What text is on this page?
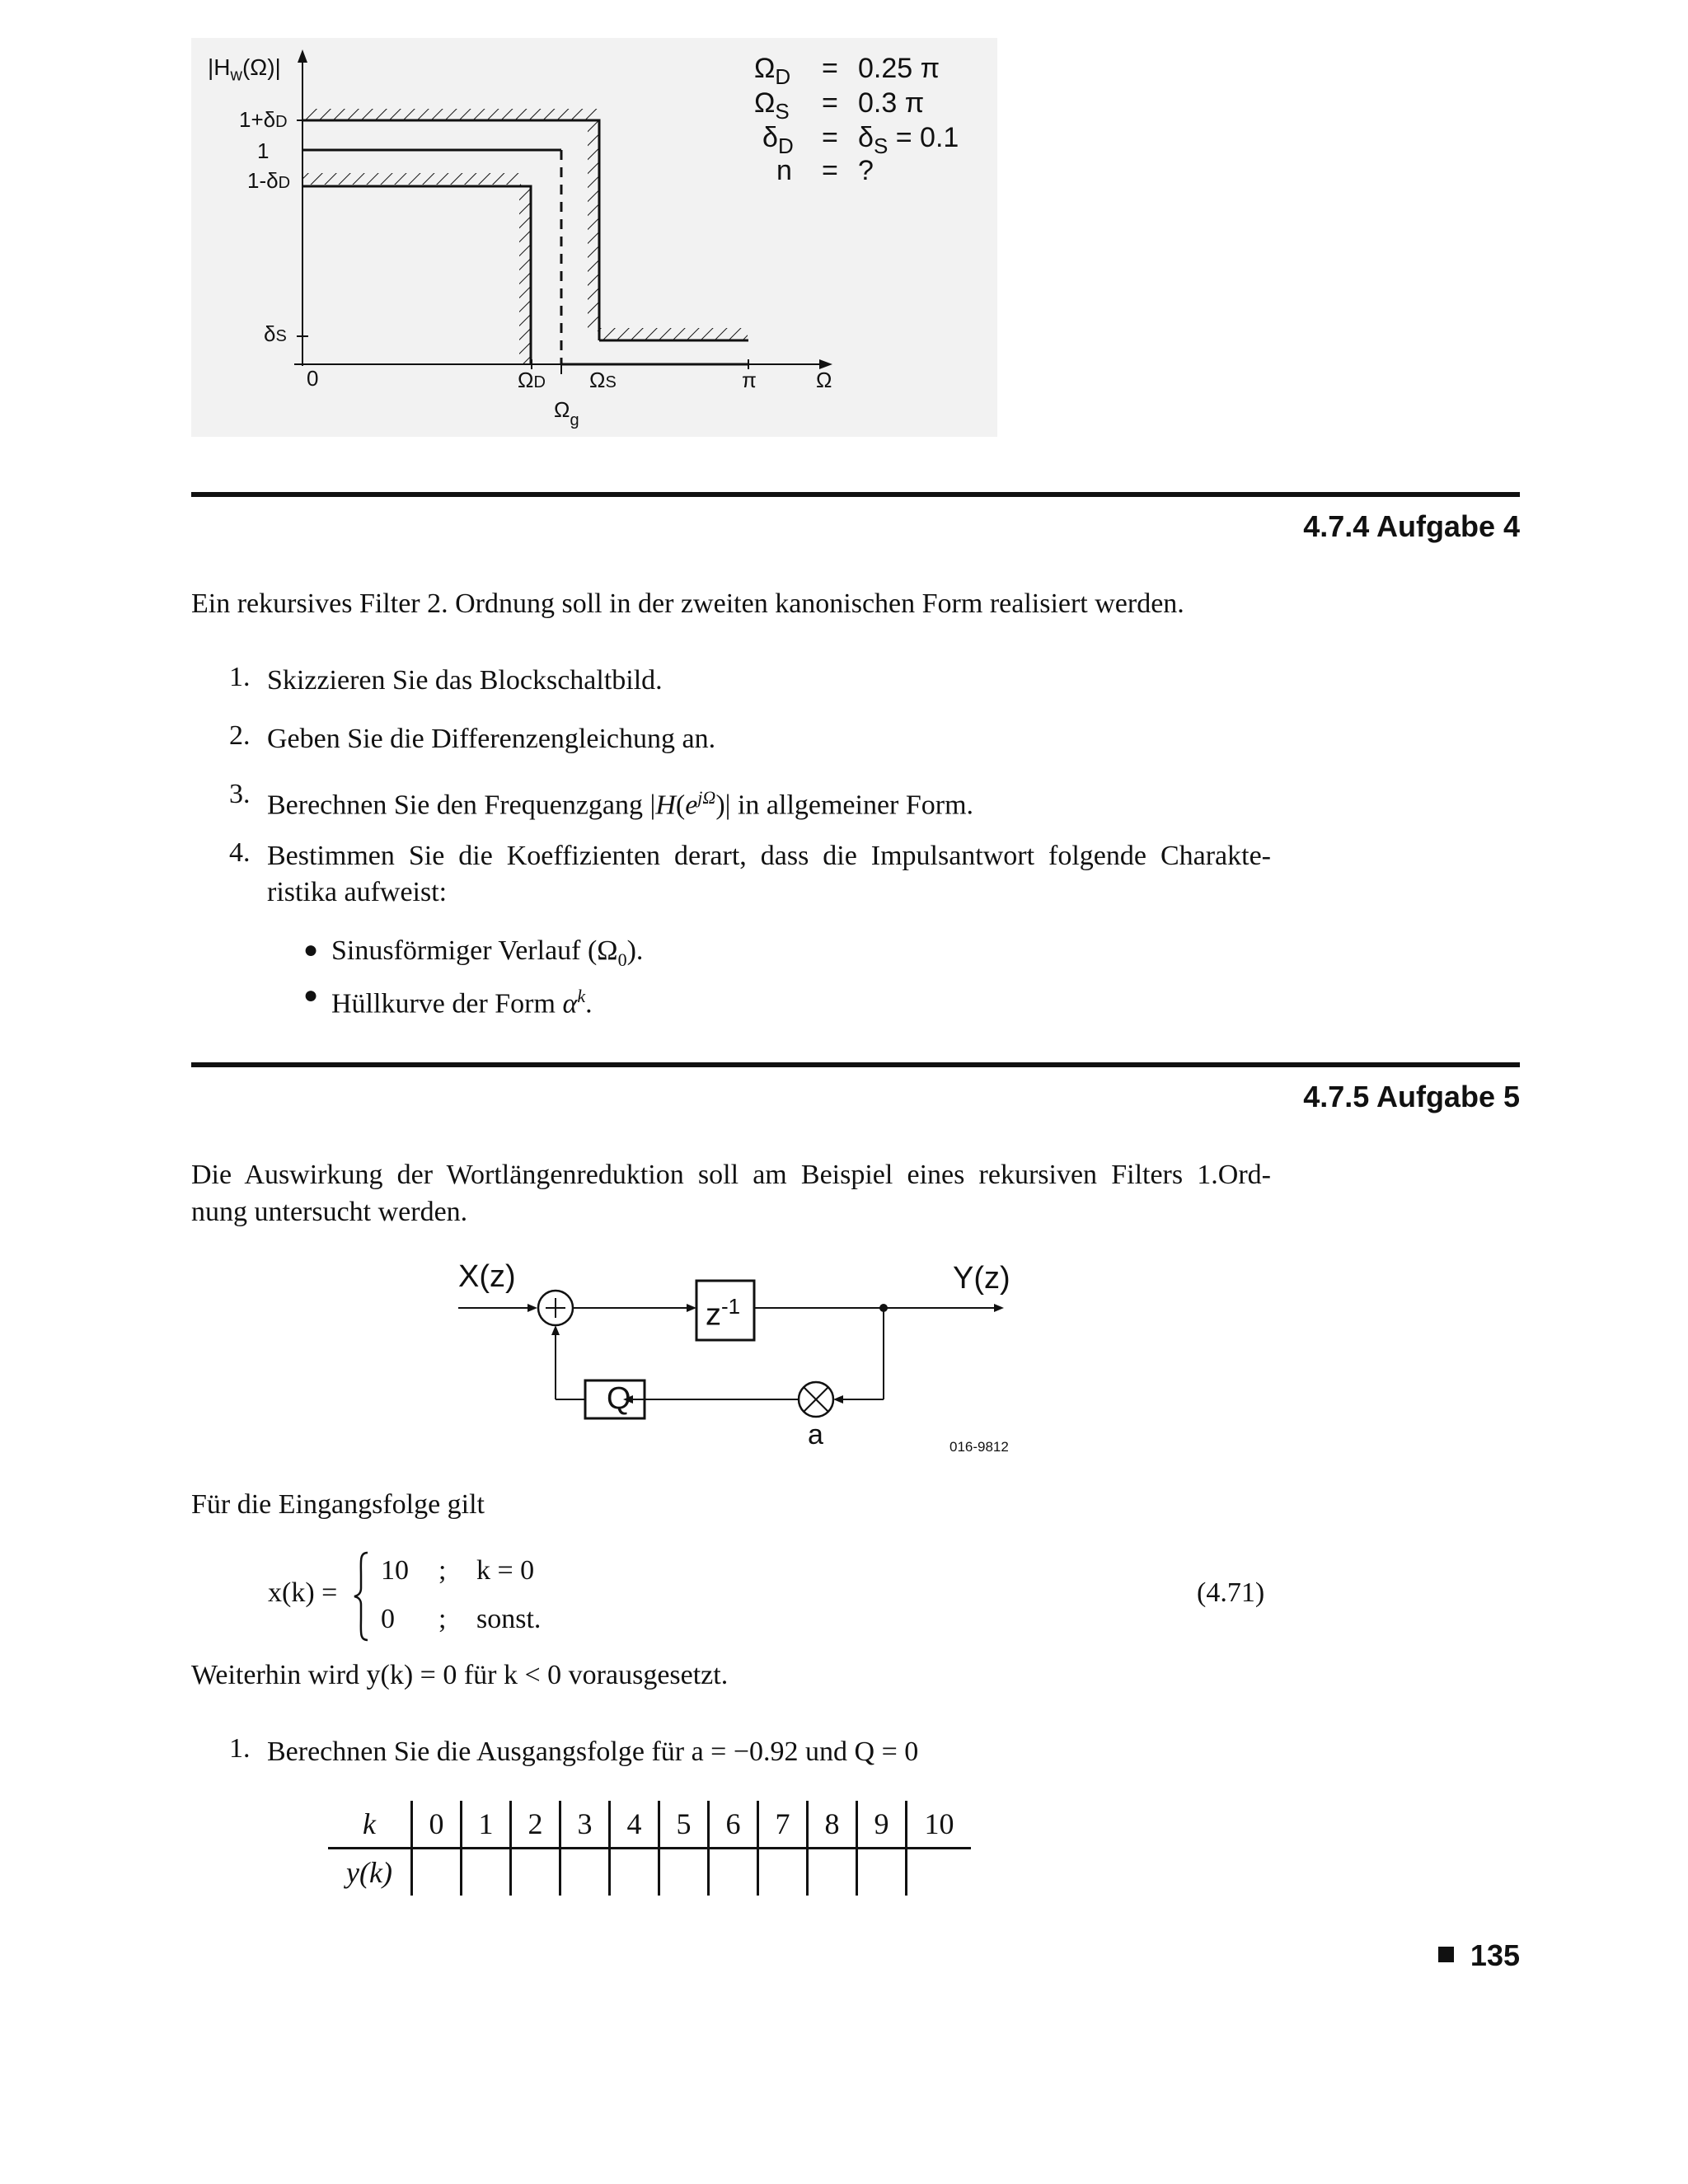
$|H_w(\Omega)|$
1+δD
1
1-δD
δS
0	ΩD ΩS
$\Omega_g$
π	Ω
$\Omega_D = 0.25$ π
$\Omega_S = 0.3$ π
$\delta_D = \delta_S = 0.1$
n = ?
4.7.4 Aufgabe 4
Ein rekursives Filter 2. Ordnung soll in der zweiten kanonischen Form realisiert werden.
1. Skizzieren Sie das Blockschaltbild.
2. Geben Sie die Differenzengleichung an.
3. Berechnen Sie den Frequenzgang $|H(e^{j\Omega})|$ in allgemeiner Form.
4. Bestimmen Sie die Koeffizienten derart, dass die Impulsantwort folgende Charakte-
ristika aufweist:
● Sinusförmiger Verlauf $(\Omega_0)$.
● Hüllkurve der Form $\alpha^k$.
4.7.5 Aufgabe 5
Die Auswirkung der Wortlängenreduktion soll am Beispiel eines rekursiven Filters 1.Ord-
nung untersucht werden.
X(z)	Y(z)
$z^{-1}$
Q
a	016-9812
Für die Eingangsfolge gilt
x(k) =
10 ; k = 0
0 ; sonst.
(4.71)
Weiterhin wird y(k) = 0 für k < 0 vorausgesetzt.
1. Berechnen Sie die Ausgangsfolge für a = −0.92 und Q = 0
k	0	1	2	3	4	5	6	7	8	9	10
y(k)											
135
